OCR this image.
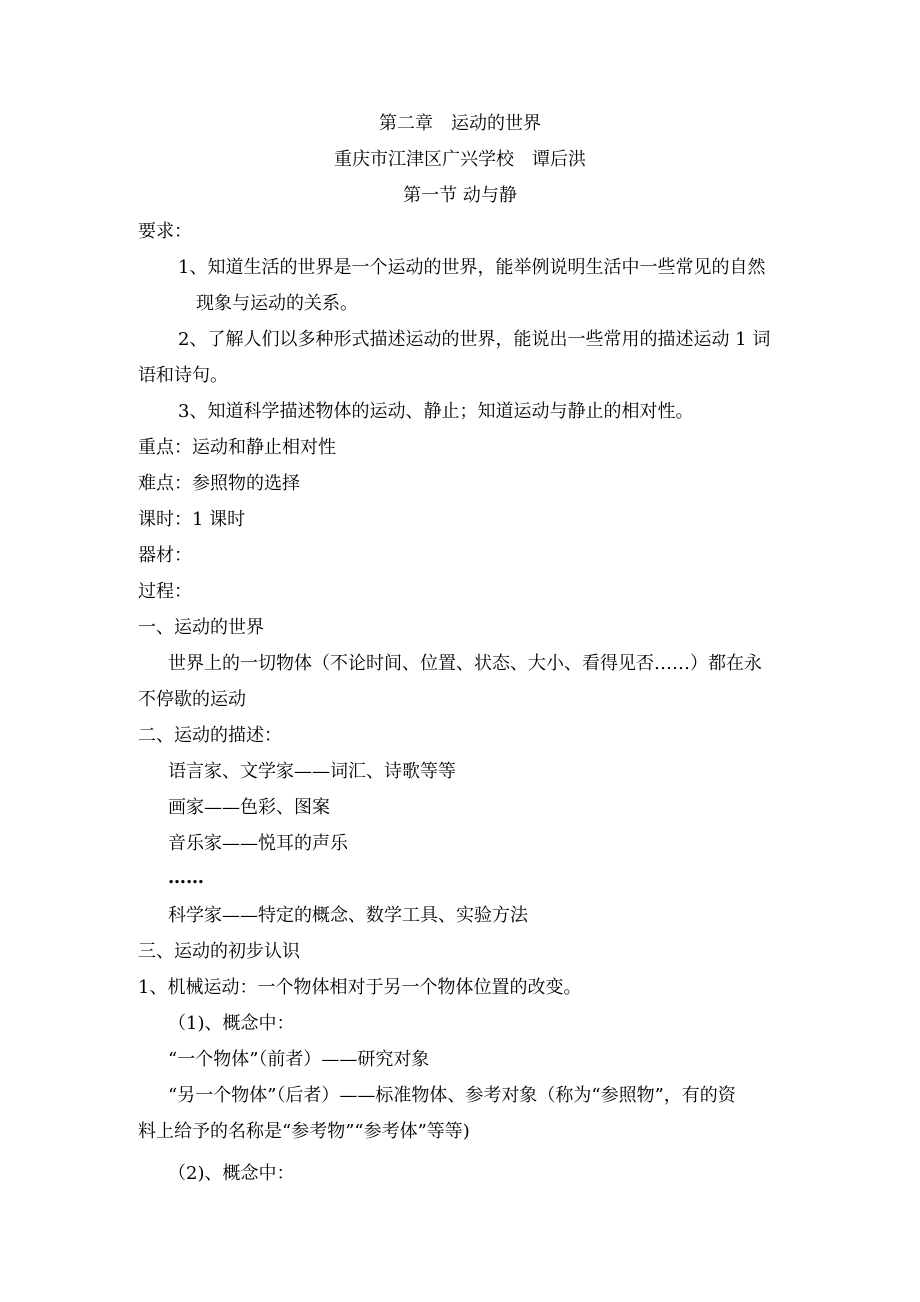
第二章　运动的世界

重庆市江津区广兴学校　谭后洪

第一节 动与静

要求：

1、知道生活的世界是一个运动的世界，能举例说明生活中一些常见的自然

现象与运动的关系。

2、了解人们以多种形式描述运动的世界，能说出一些常用的描述运动 1 词

语和诗句。

3、知道科学描述物体的运动、静止；知道运动与静止的相对性。

重点：运动和静止相对性

难点：参照物的选择

课时：1 课时

器材：

过程：

一、运动的世界

世界上的一切物体（不论时间、位置、状态、大小、看得见否……）都在永

不停歇的运动

二、运动的描述：

语言家、文学家——词汇、诗歌等等

画家——色彩、图案

音乐家——悦耳的声乐

……

科学家——特定的概念、数学工具、实验方法

三、运动的初步认识

1、机械运动：一个物体相对于另一个物体位置的改变。

（1)、概念中：

“一个物体”（前者）——研究对象

“另一个物体”（后者）——标准物体、参考对象（称为“参照物”，有的资

料上给予的名称是“参考物”“参考体”等等)

（2)、概念中：
